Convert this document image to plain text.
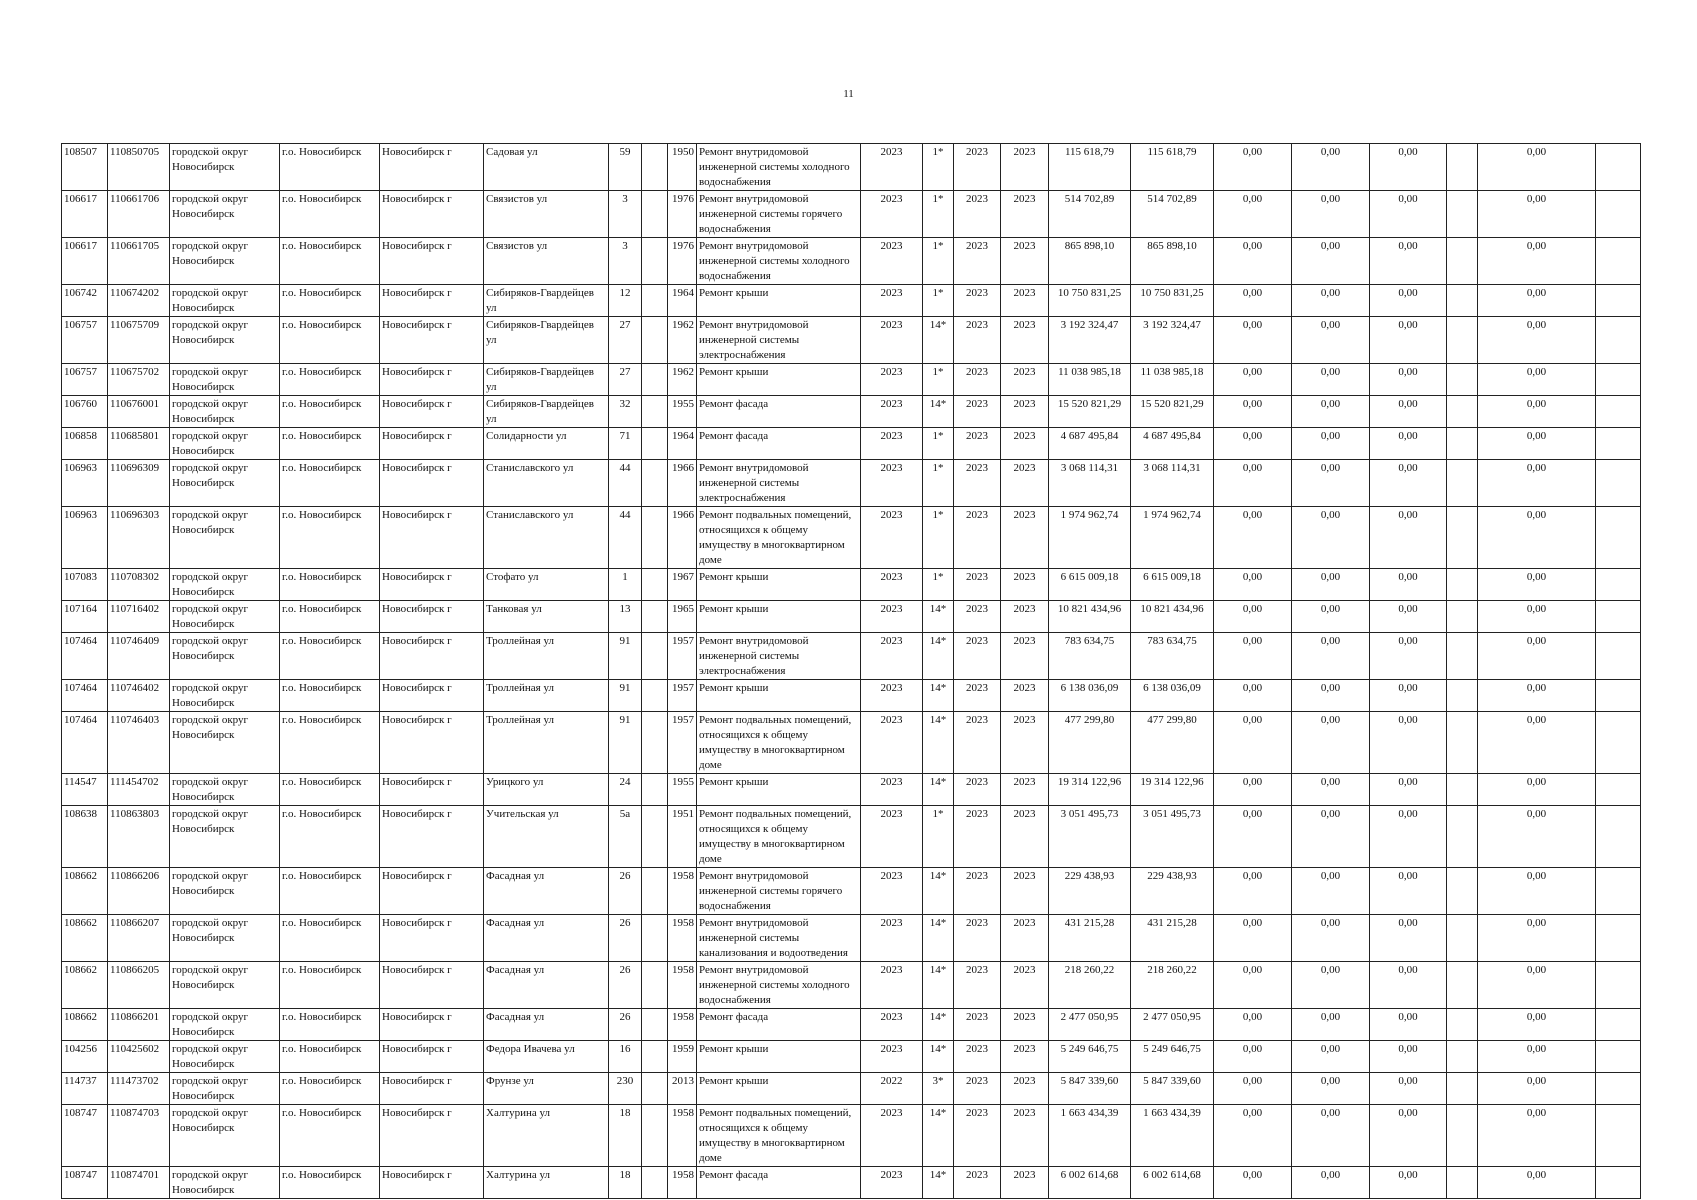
11
108507	110850705	городской округ Новосибирск	г.о. Новосибирск	Новосибирск г	Садовая ул	59		1950	Ремонт внутридомовой инженерной системы холодного водоснабжения	2023	1*	2023	2023	115 618,79	115 618,79	0,00	0,00	0,00		0,00	
106617	110661706	городской округ Новосибирск	г.о. Новосибирск	Новосибирск г	Связистов ул	3		1976	Ремонт внутридомовой инженерной системы горячего водоснабжения	2023	1*	2023	2023	514 702,89	514 702,89	0,00	0,00	0,00		0,00	
106617	110661705	городской округ Новосибирск	г.о. Новосибирск	Новосибирск г	Связистов ул	3		1976	Ремонт внутридомовой инженерной системы холодного водоснабжения	2023	1*	2023	2023	865 898,10	865 898,10	0,00	0,00	0,00		0,00	
106742	110674202	городской округ Новосибирск	г.о. Новосибирск	Новосибирск г	Сибиряков-Гвардейцев ул	12		1964	Ремонт крыши	2023	1*	2023	2023	10 750 831,25	10 750 831,25	0,00	0,00	0,00		0,00	
106757	110675709	городской округ Новосибирск	г.о. Новосибирск	Новосибирск г	Сибиряков-Гвардейцев ул	27		1962	Ремонт внутридомовой инженерной системы электроснабжения	2023	14*	2023	2023	3 192 324,47	3 192 324,47	0,00	0,00	0,00		0,00	
106757	110675702	городской округ Новосибирск	г.о. Новосибирск	Новосибирск г	Сибиряков-Гвардейцев ул	27		1962	Ремонт крыши	2023	1*	2023	2023	11 038 985,18	11 038 985,18	0,00	0,00	0,00		0,00	
106760	110676001	городской округ Новосибирск	г.о. Новосибирск	Новосибирск г	Сибиряков-Гвардейцев ул	32		1955	Ремонт фасада	2023	14*	2023	2023	15 520 821,29	15 520 821,29	0,00	0,00	0,00		0,00	
106858	110685801	городской округ Новосибирск	г.о. Новосибирск	Новосибирск г	Солидарности ул	71		1964	Ремонт фасада	2023	1*	2023	2023	4 687 495,84	4 687 495,84	0,00	0,00	0,00		0,00	
106963	110696309	городской округ Новосибирск	г.о. Новосибирск	Новосибирск г	Станиславского ул	44		1966	Ремонт внутридомовой инженерной системы электроснабжения	2023	1*	2023	2023	3 068 114,31	3 068 114,31	0,00	0,00	0,00		0,00	
106963	110696303	городской округ Новосибирск	г.о. Новосибирск	Новосибирск г	Станиславского ул	44		1966	Ремонт подвальных помещений, относящихся к общему имуществу в многоквартирном доме	2023	1*	2023	2023	1 974 962,74	1 974 962,74	0,00	0,00	0,00		0,00	
107083	110708302	городской округ Новосибирск	г.о. Новосибирск	Новосибирск г	Стофато ул	1		1967	Ремонт крыши	2023	1*	2023	2023	6 615 009,18	6 615 009,18	0,00	0,00	0,00		0,00	
107164	110716402	городской округ Новосибирск	г.о. Новосибирск	Новосибирск г	Танковая ул	13		1965	Ремонт крыши	2023	14*	2023	2023	10 821 434,96	10 821 434,96	0,00	0,00	0,00		0,00	
107464	110746409	городской округ Новосибирск	г.о. Новосибирск	Новосибирск г	Троллейная ул	91		1957	Ремонт внутридомовой инженерной системы электроснабжения	2023	14*	2023	2023	783 634,75	783 634,75	0,00	0,00	0,00		0,00	
107464	110746402	городской округ Новосибирск	г.о. Новосибирск	Новосибирск г	Троллейная ул	91		1957	Ремонт крыши	2023	14*	2023	2023	6 138 036,09	6 138 036,09	0,00	0,00	0,00		0,00	
107464	110746403	городской округ Новосибирск	г.о. Новосибирск	Новосибирск г	Троллейная ул	91		1957	Ремонт подвальных помещений, относящихся к общему имуществу в многоквартирном доме	2023	14*	2023	2023	477 299,80	477 299,80	0,00	0,00	0,00		0,00	
114547	111454702	городской округ Новосибирск	г.о. Новосибирск	Новосибирск г	Урицкого ул	24		1955	Ремонт крыши	2023	14*	2023	2023	19 314 122,96	19 314 122,96	0,00	0,00	0,00		0,00	
108638	110863803	городской округ Новосибирск	г.о. Новосибирск	Новосибирск г	Учительская ул	5а		1951	Ремонт подвальных помещений, относящихся к общему имуществу в многоквартирном доме	2023	1*	2023	2023	3 051 495,73	3 051 495,73	0,00	0,00	0,00		0,00	
108662	110866206	городской округ Новосибирск	г.о. Новосибирск	Новосибирск г	Фасадная ул	26		1958	Ремонт внутридомовой инженерной системы горячего водоснабжения	2023	14*	2023	2023	229 438,93	229 438,93	0,00	0,00	0,00		0,00	
108662	110866207	городской округ Новосибирск	г.о. Новосибирск	Новосибирск г	Фасадная ул	26		1958	Ремонт внутридомовой инженерной системы канализования и водоотведения	2023	14*	2023	2023	431 215,28	431 215,28	0,00	0,00	0,00		0,00	
108662	110866205	городской округ Новосибирск	г.о. Новосибирск	Новосибирск г	Фасадная ул	26		1958	Ремонт внутридомовой инженерной системы холодного водоснабжения	2023	14*	2023	2023	218 260,22	218 260,22	0,00	0,00	0,00		0,00	
108662	110866201	городской округ Новосибирск	г.о. Новосибирск	Новосибирск г	Фасадная ул	26		1958	Ремонт фасада	2023	14*	2023	2023	2 477 050,95	2 477 050,95	0,00	0,00	0,00		0,00	
104256	110425602	городской округ Новосибирск	г.о. Новосибирск	Новосибирск г	Федора Ивачева ул	16		1959	Ремонт крыши	2023	14*	2023	2023	5 249 646,75	5 249 646,75	0,00	0,00	0,00		0,00	
114737	111473702	городской округ Новосибирск	г.о. Новосибирск	Новосибирск г	Фрунзе ул	230		2013	Ремонт крыши	2022	3*	2023	2023	5 847 339,60	5 847 339,60	0,00	0,00	0,00		0,00	
108747	110874703	городской округ Новосибирск	г.о. Новосибирск	Новосибирск г	Халтурина ул	18		1958	Ремонт подвальных помещений, относящихся к общему имуществу в многоквартирном доме	2023	14*	2023	2023	1 663 434,39	1 663 434,39	0,00	0,00	0,00		0,00	
108747	110874701	городской округ Новосибирск	г.о. Новосибирск	Новосибирск г	Халтурина ул	18		1958	Ремонт фасада	2023	14*	2023	2023	6 002 614,68	6 002 614,68	0,00	0,00	0,00		0,00	
